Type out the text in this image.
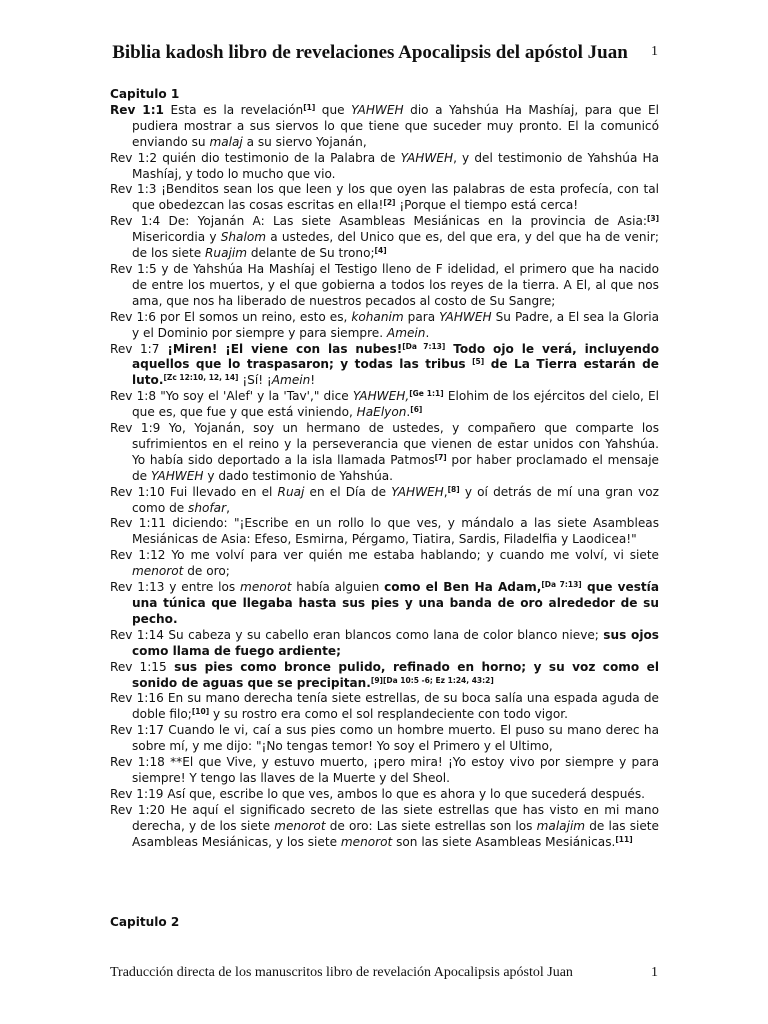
Biblia kadosh libro de revelaciones Apocalipsis del apóstol Juan 1
Capitulo 1

Rev 1:1 Esta es la revelación[1] que YAHWEH dio a Yahshúa Ha Mashíaj, para que El pudiera mostrar a sus siervos lo que tiene que suceder muy pronto. El la comunicó enviando su malaj a su siervo Yojanán,

Rev 1:2 quién dio testimonio de la Palabra de YAHWEH, y del testimonio de Yahshúa Ha Mashíaj, y todo lo mucho que vio.

Rev 1:3 ¡Benditos sean los que leen y los que oyen las palabras de esta profecía, con tal que obedezcan las cosas escritas en ella![2] ¡Porque el tiempo está cerca!

Rev 1:4 De: Yojanán A: Las siete Asambleas Mesiánicas en la provincia de Asia:[3] Misericordia y Shalom a ustedes, del Unico que es, del que era, y del que ha de venir; de los siete Ruajim delante de Su trono;[4]

Rev 1:5 y de Yahshúa Ha Mashíaj el Testigo lleno de F idelidad, el primero que ha nacido de entre los muertos, y el que gobierna a todos los reyes de la tierra. A El, al que nos ama, que nos ha liberado de nuestros pecados al costo de Su Sangre;

Rev 1:6 por El somos un reino, esto es, kohanim para YAHWEH Su Padre, a El sea la Gloria y el Dominio por siempre y para siempre. Amein.

Rev 1:7 ¡Miren! ¡El viene con las nubes![Da 7:13] Todo ojo le verá, incluyendo aquellos que lo traspasaron; y todas las tribus [5] de La Tierra estarán de luto.[Zc 12:10, 12, 14] ¡Sí! ¡Amein!

Rev 1:8 "Yo soy el 'Alef' y la 'Tav'," dice YAHWEH,[Ge 1:1] Elohim de los ejércitos del cielo, El que es, que fue y que está viniendo, HaElyon.[6]

Rev 1:9 Yo, Yojanán, soy un hermano de ustedes, y compañero que comparte los sufrimientos en el reino y la perseverancia que vienen de estar unidos con Yahshúa. Yo había sido deportado a la isla llamada Patmos[7] por haber proclamado el mensaje de YAHWEH y dado testimonio de Yahshúa.

Rev 1:10 Fui llevado en el Ruaj en el Día de YAHWEH,[8] y oí detrás de mí una gran voz como de shofar,

Rev 1:11 diciendo: "¡Escribe en un rollo lo que ves, y mándalo a las siete Asambleas Mesiánicas de Asia: Efeso, Esmirna, Pérgamo, Tiatira, Sardis, Filadelfia y Laodicea!"

Rev 1:12 Yo me volví para ver quién me estaba hablando; y cuando me volví, vi siete menorot de oro;

Rev 1:13 y entre los menorot había alguien como el Ben Ha Adam,[Da 7:13] que vestía una túnica que llegaba hasta sus pies y una banda de oro alrededor de su pecho.

Rev 1:14 Su cabeza y su cabello eran blancos como lana de color blanco nieve; sus ojos como llama de fuego ardiente;

Rev 1:15 sus pies como bronce pulido, refinado en horno; y su voz como el sonido de aguas que se precipitan.[9][Da 10:5 -6; Ez 1:24, 43:2]

Rev 1:16 En su mano derecha tenía siete estrellas, de su boca salía una espada aguda de doble filo;[10] y su rostro era como el sol resplandeciente con todo vigor.

Rev 1:17 Cuando le vi, caí a sus pies como un hombre muerto. El puso su mano derec ha sobre mí, y me dijo: "¡No tengas temor! Yo soy el Primero y el Ultimo,

Rev 1:18 **El que Vive, y estuvo muerto, ¡pero mira! ¡Yo estoy vivo por siempre y para siempre! Y tengo las llaves de la Muerte y del Sheol.

Rev 1:19 Así que, escribe lo que ves, ambos lo que es ahora y lo que sucederá después.

Rev 1:20 He aquí el significado secreto de las siete estrellas que has visto en mi mano derecha, y de los siete menorot de oro: Las siete estrellas son los malajim de las siete Asambleas Mesiánicas, y los siete menorot son las siete Asambleas Mesiánicas.[11]

Capitulo 2
Traducción directa de los manuscritos libro de revelación Apocalipsis apóstol Juan	1
